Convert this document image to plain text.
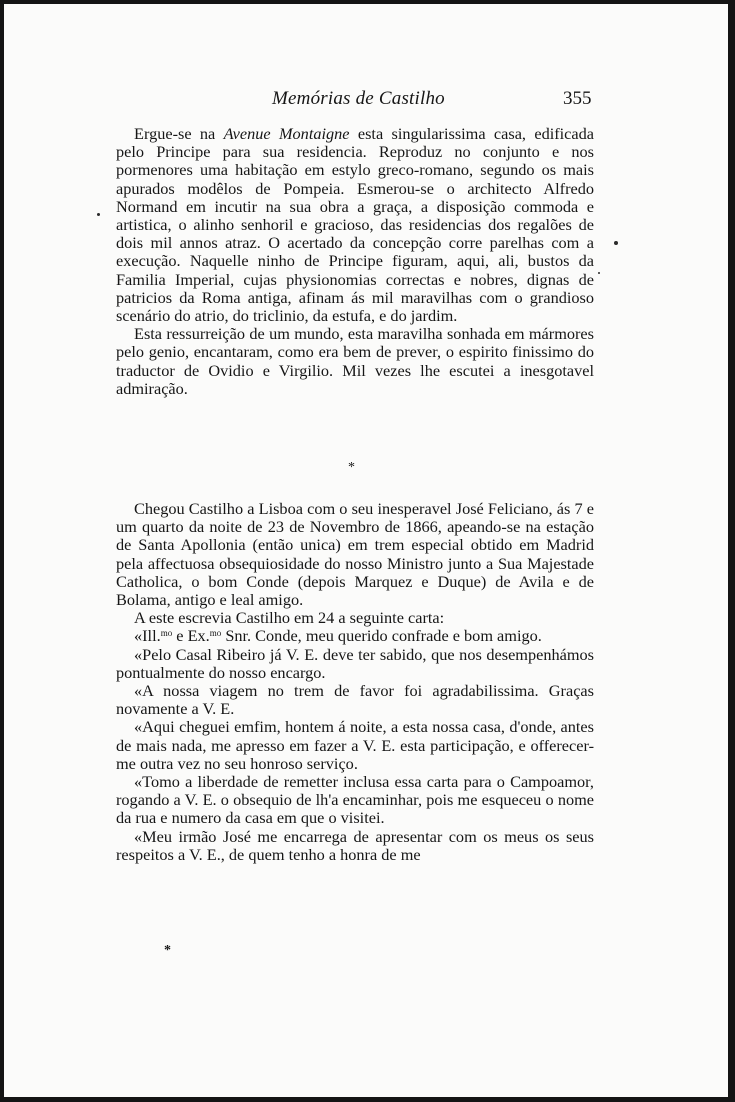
Memórias de Castilho	355

Ergue-se na Avenue Montaigne esta singularissima casa, edificada pelo Principe para sua residencia. Reproduz no conjunto e nos pormenores uma habitação em estylo greco-romano, segundo os mais apurados modêlos de Pompeia. Esmerou-se o architecto Alfredo Normand em incutir na sua obra a graça, a disposição commoda e artistica, o alinho senhoril e gracioso, das residencias dos regalões de dois mil annos atraz. O acertado da concepção corre parelhas com a execução. Naquelle ninho de Principe figuram, aqui, ali, bustos da Familia Imperial, cujas physionomias correctas e nobres, dignas de patricios da Roma antiga, afinam ás mil maravilhas com o grandioso scenário do atrio, do triclinio, da estufa, e do jardim.

Esta ressurreição de um mundo, esta maravilha sonhada em mármores pelo genio, encantaram, como era bem de prever, o espirito finissimo do traductor de Ovidio e Virgilio. Mil vezes lhe escutei a inesgotavel admiração.

*

Chegou Castilho a Lisboa com o seu inesperavel José Feliciano, ás 7 e um quarto da noite de 23 de Novembro de 1866, apeando-se na estação de Santa Apollonia (então unica) em trem especial obtido em Madrid pela affectuosa obsequiosidade do nosso Ministro junto a Sua Majestade Catholica, o bom Conde (depois Marquez e Duque) de Avila e de Bolama, antigo e leal amigo.

A este escrevia Castilho em 24 a seguinte carta:

«Ill.$^{mo}$ e Ex.$^{mo}$ Snr. Conde, meu querido confrade e bom amigo.

«Pelo Casal Ribeiro já V. E. deve ter sabido, que nos desempenhámos pontualmente do nosso encargo.

«A nossa viagem no trem de favor foi agradabilissima. Graças novamente a V. E.

«Aqui cheguei emfim, hontem á noite, a esta nossa casa, d'onde, antes de mais nada, me apresso em fazer a V. E. esta participação, e offerecer-me outra vez no seu honroso serviço.

«Tomo a liberdade de remetter inclusa essa carta para o Campoamor, rogando a V. E. o obsequio de lh'a encaminhar, pois me esqueceu o nome da rua e numero da casa em que o visitei.

«Meu irmão José me encarrega de apresentar com os meus os seus respeitos a V. E., de quem tenho a honra de me

*
